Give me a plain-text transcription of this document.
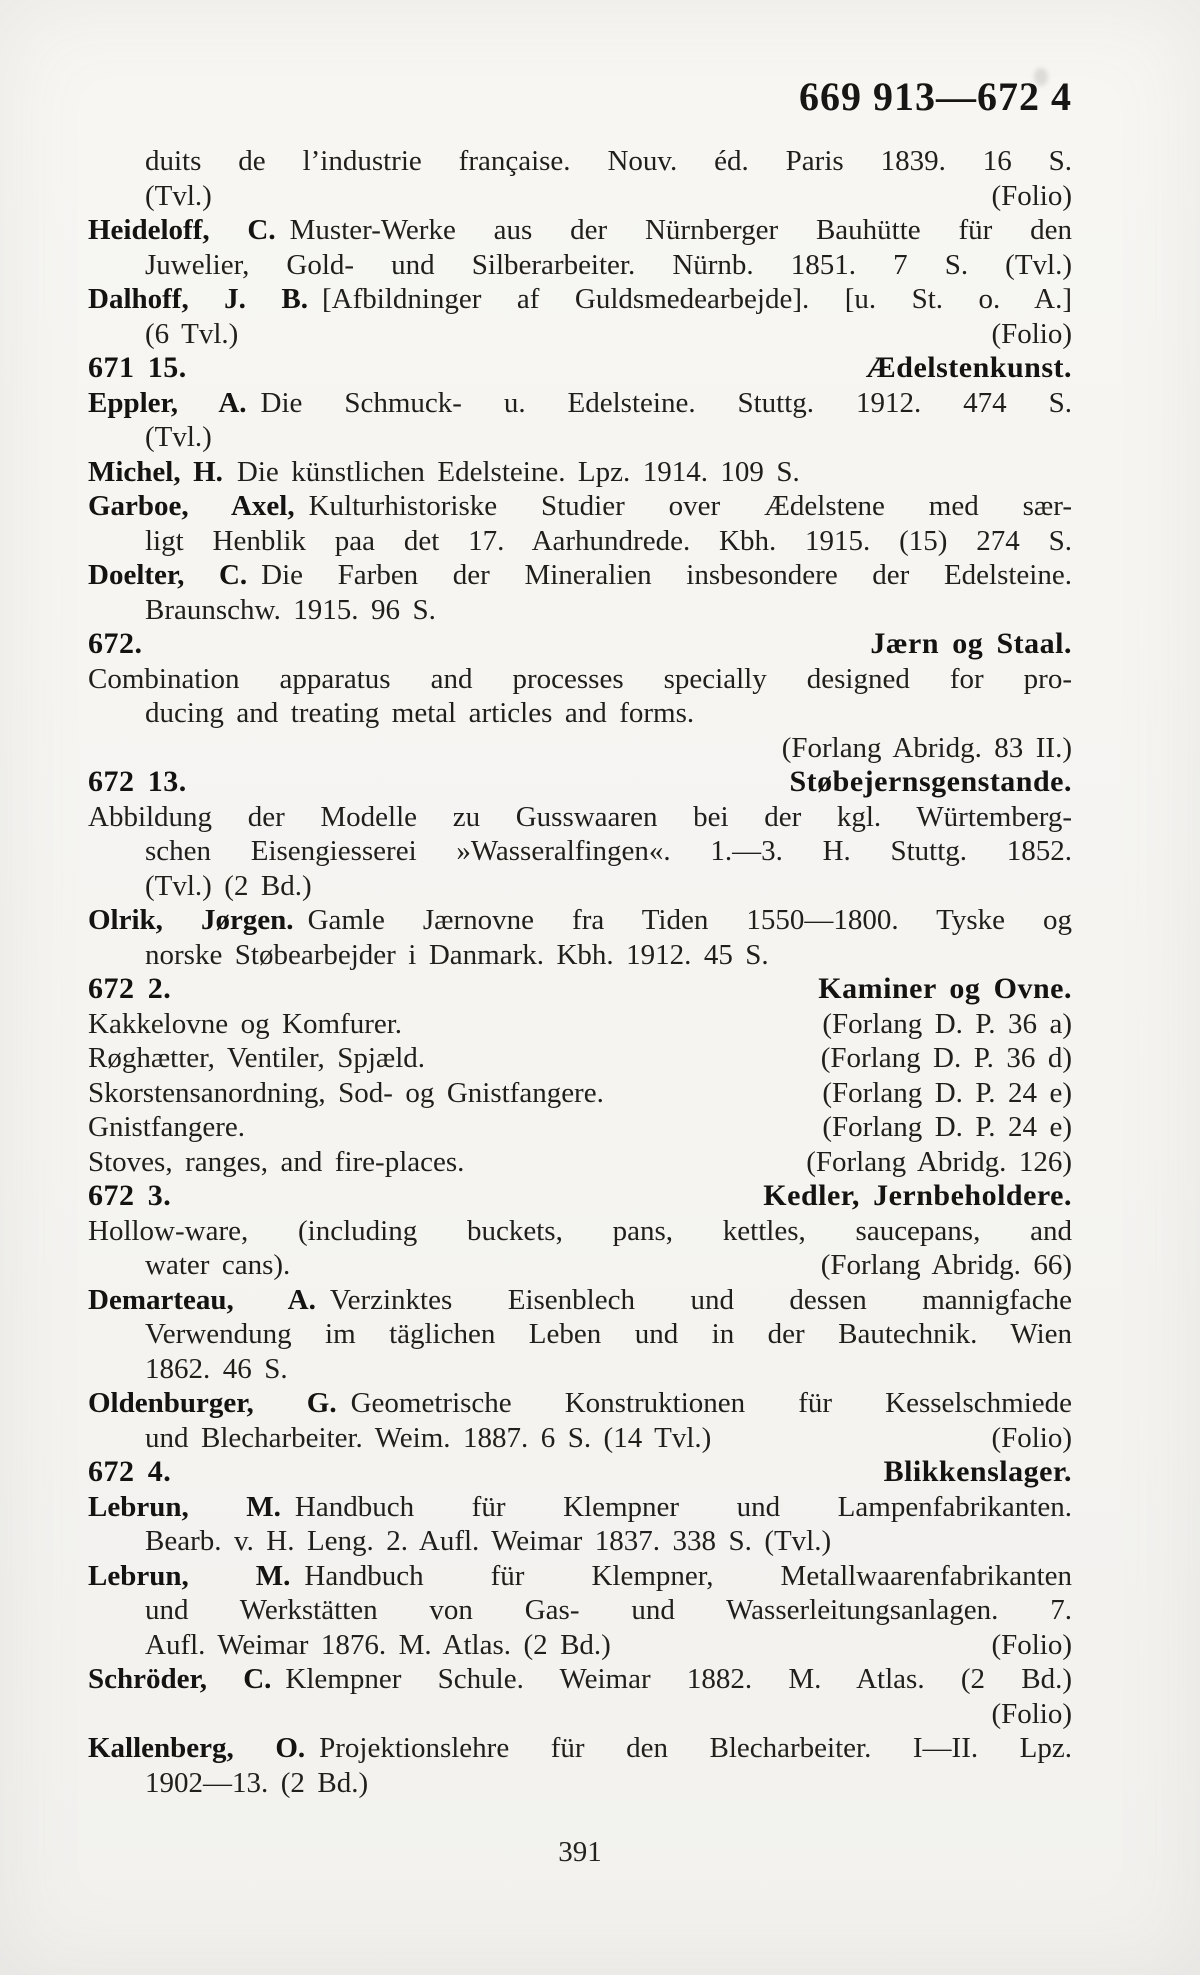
669 913—672 4
duits de l’industrie française. Nouv. éd. Paris 1839. 16 S.
(Tvl.)	(Folio)
Heideloff, C. Muster-Werke aus der Nürnberger Bauhütte für den
Juwelier, Gold- und Silberarbeiter. Nürnb. 1851. 7 S. (Tvl.)
Dalhoff, J. B. [Afbildninger af Guldsmedearbejde]. [u. St. o. A.]
(6 Tvl.)	(Folio)
671 15.	Ædelstenkunst.
Eppler, A. Die Schmuck- u. Edelsteine. Stuttg. 1912. 474 S.
(Tvl.)
Michel, H. Die künstlichen Edelsteine. Lpz. 1914. 109 S.
Garboe, Axel, Kulturhistoriske Studier over Ædelstene med sær-
ligt Henblik paa det 17. Aarhundrede. Kbh. 1915. (15) 274 S.
Doelter, C. Die Farben der Mineralien insbesondere der Edelsteine.
Braunschw. 1915. 96 S.
672.	Jærn og Staal.
Combination apparatus and processes specially designed for pro-
ducing and treating metal articles and forms.
(Forlang Abridg. 83 II.)
672 13.	Støbejernsgenstande.
Abbildung der Modelle zu Gusswaaren bei der kgl. Würtemberg-
schen Eisengiesserei »Wasseralfingen«. 1.—3. H. Stuttg. 1852.
(Tvl.) (2 Bd.)
Olrik, Jørgen. Gamle Jærnovne fra Tiden 1550—1800. Tyske og
norske Støbearbejder i Danmark. Kbh. 1912. 45 S.
672 2.	Kaminer og Ovne.
Kakkelovne og Komfurer.	(Forlang D. P. 36 a)
Røghætter, Ventiler, Spjæld.	(Forlang D. P. 36 d)
Skorstensanordning, Sod- og Gnistfangere.	(Forlang D. P. 24 e)
Gnistfangere.	(Forlang D. P. 24 e)
Stoves, ranges, and fire-places.	(Forlang Abridg. 126)
672 3.	Kedler, Jernbeholdere.
Hollow-ware, (including buckets, pans, kettles, saucepans, and
water cans).	(Forlang Abridg. 66)
Demarteau, A. Verzinktes Eisenblech und dessen mannigfache
Verwendung im täglichen Leben und in der Bautechnik. Wien
1862. 46 S.
Oldenburger, G. Geometrische Konstruktionen für Kesselschmiede
und Blecharbeiter. Weim. 1887. 6 S. (14 Tvl.)	(Folio)
672 4.	Blikkenslager.
Lebrun, M. Handbuch für Klempner und Lampenfabrikanten.
Bearb. v. H. Leng. 2. Aufl. Weimar 1837. 338 S. (Tvl.)
Lebrun, M. Handbuch für Klempner, Metallwaarenfabrikanten
und Werkstätten von Gas- und Wasserleitungsanlagen. 7.
Aufl. Weimar 1876. M. Atlas. (2 Bd.)	(Folio)
Schröder, C. Klempner Schule. Weimar 1882. M. Atlas. (2 Bd.)
(Folio)
Kallenberg, O. Projektionslehre für den Blecharbeiter. I—II. Lpz.
1902—13. (2 Bd.)
391
